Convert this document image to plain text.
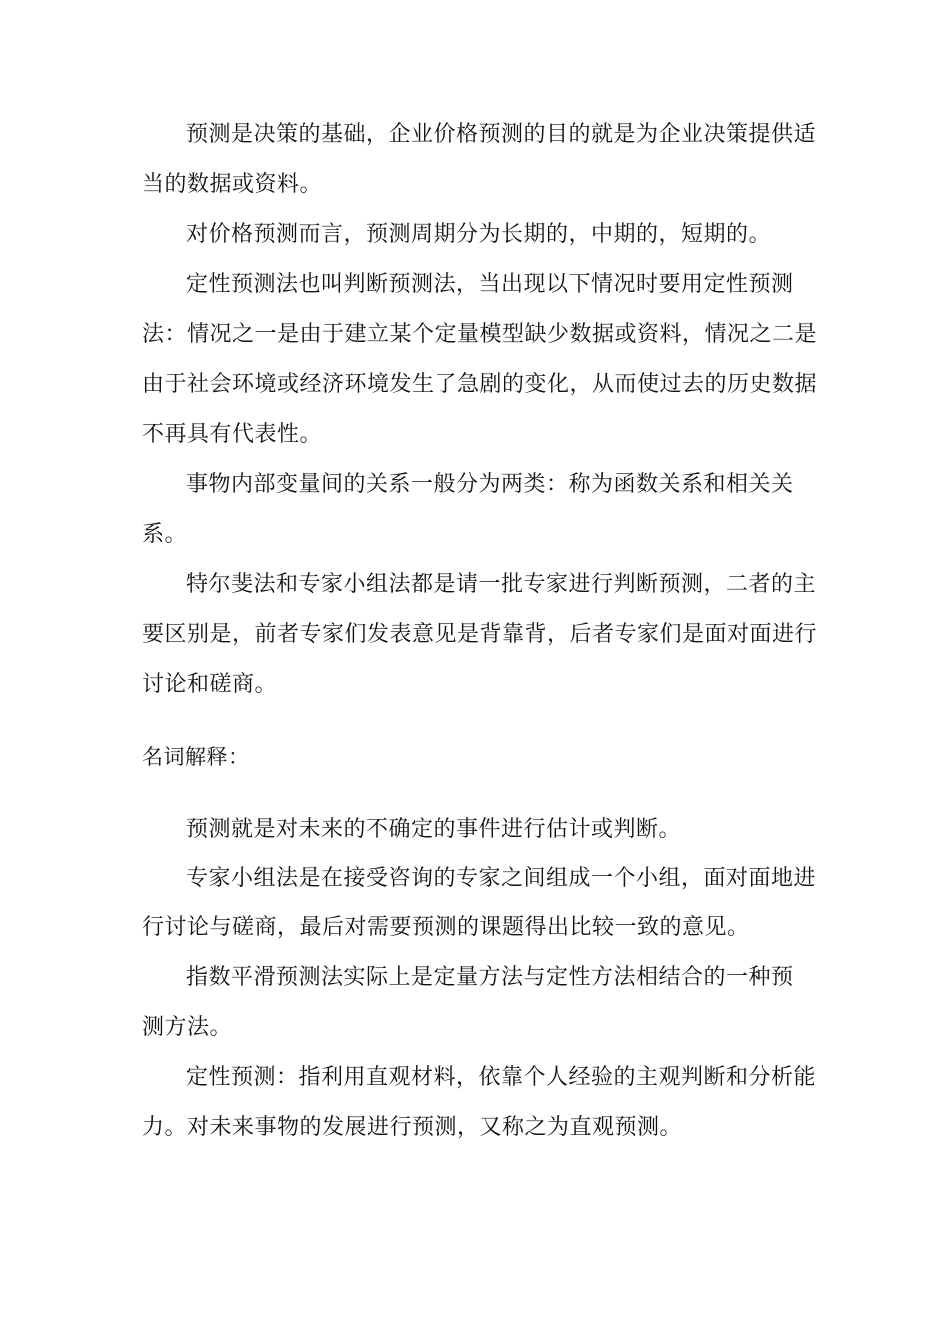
预测是决策的基础，企业价格预测的目的就是为企业决策提供适
当的数据或资料。
对价格预测而言，预测周期分为长期的，中期的，短期的。
定性预测法也叫判断预测法，当出现以下情况时要用定性预测
法：情况之一是由于建立某个定量模型缺少数据或资料，情况之二是
由于社会环境或经济环境发生了急剧的变化，从而使过去的历史数据
不再具有代表性。
事物内部变量间的关系一般分为两类：称为函数关系和相关关
系。
特尔斐法和专家小组法都是请一批专家进行判断预测，二者的主
要区别是，前者专家们发表意见是背靠背，后者专家们是面对面进行
讨论和磋商。
名词解释：
预测就是对未来的不确定的事件进行估计或判断。
专家小组法是在接受咨询的专家之间组成一个小组，面对面地进
行讨论与磋商，最后对需要预测的课题得出比较一致的意见。
指数平滑预测法实际上是定量方法与定性方法相结合的一种预
测方法。
定性预测：指利用直观材料，依靠个人经验的主观判断和分析能
力。对未来事物的发展进行预测，又称之为直观预测。
